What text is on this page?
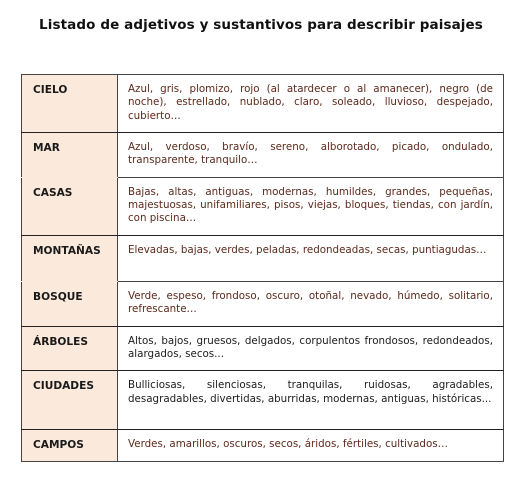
Listado de adjetivos y sustantivos para describir paisajes
CIELO	Azul, gris, plomizo, rojo (al atardecer o al amanecer), negro (de noche), estrellado, nublado, claro, soleado, lluvioso, despejado, cubierto…
MAR	Azul, verdoso, bravío, sereno, alborotado, picado, ondulado, transparente, tranquilo…
CASAS	Bajas, altas, antiguas, modernas, humildes, grandes, pequeñas, majestuosas, unifamiliares, pisos, viejas, bloques, tiendas, con jardín, con piscina…
MONTAÑAS	Elevadas, bajas, verdes, peladas, redondeadas, secas, puntiagudas…
BOSQUE	Verde, espeso, frondoso, oscuro, otoñal, nevado, húmedo, solitario, refrescante…
ÁRBOLES	Altos, bajos, gruesos, delgados, corpulentos frondosos, redondeados, alargados, secos...
CIUDADES	Bulliciosas, silenciosas, tranquilas, ruidosas, agradables, desagradables, divertidas, aburridas, modernas, antiguas, históricas...
CAMPOS	Verdes, amarillos, oscuros, secos, áridos, fértiles, cultivados…
